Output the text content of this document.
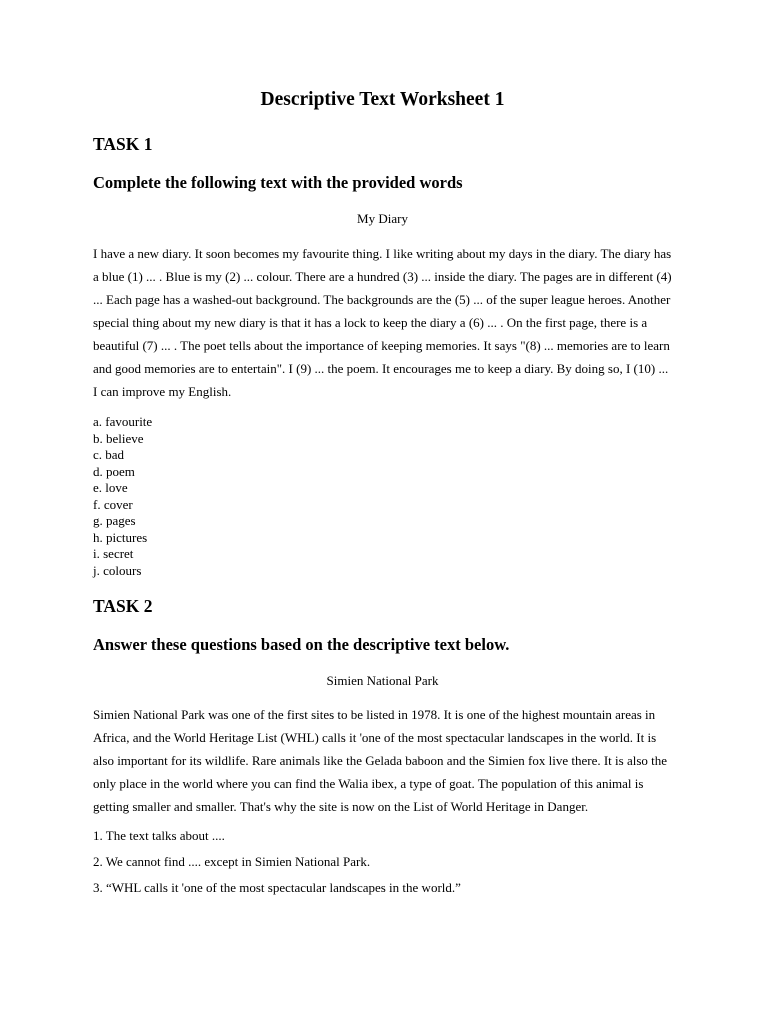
Descriptive Text Worksheet 1
TASK 1
Complete the following text with the provided words

My Diary

I have a new diary. It soon becomes my favourite thing. I like writing about my days in the diary. The diary has a blue (1) ... . Blue is my (2) ... colour. There are a hundred (3) ... inside the diary. The pages are in different (4) ... Each page has a washed-out background. The backgrounds are the (5) ... of the super league heroes. Another special thing about my new diary is that it has a lock to keep the diary a (6) ... . On the first page, there is a beautiful (7) ... . The poet tells about the importance of keeping memories. It says "(8) ... memories are to learn and good memories are to entertain". I (9) ... the poem. It encourages me to keep a diary. By doing so, I (10) ... I can improve my English.

a. favourite
b. believe
c. bad
d. poem
e. love
f. cover
g. pages
h. pictures
i. secret
j. colours
TASK 2
Answer these questions based on the descriptive text below.

Simien National Park

Simien National Park was one of the first sites to be listed in 1978. It is one of the highest mountain areas in Africa, and the World Heritage List (WHL) calls it 'one of the most spectacular landscapes in the world. It is also important for its wildlife. Rare animals like the Gelada baboon and the Simien fox live there. It is also the only place in the world where you can find the Walia ibex, a type of goat. The population of this animal is getting smaller and smaller. That's why the site is now on the List of World Heritage in Danger.

1. The text talks about ....
2. We cannot find .... except in Simien National Park.
3. “WHL calls it 'one of the most spectacular landscapes in the world.”
